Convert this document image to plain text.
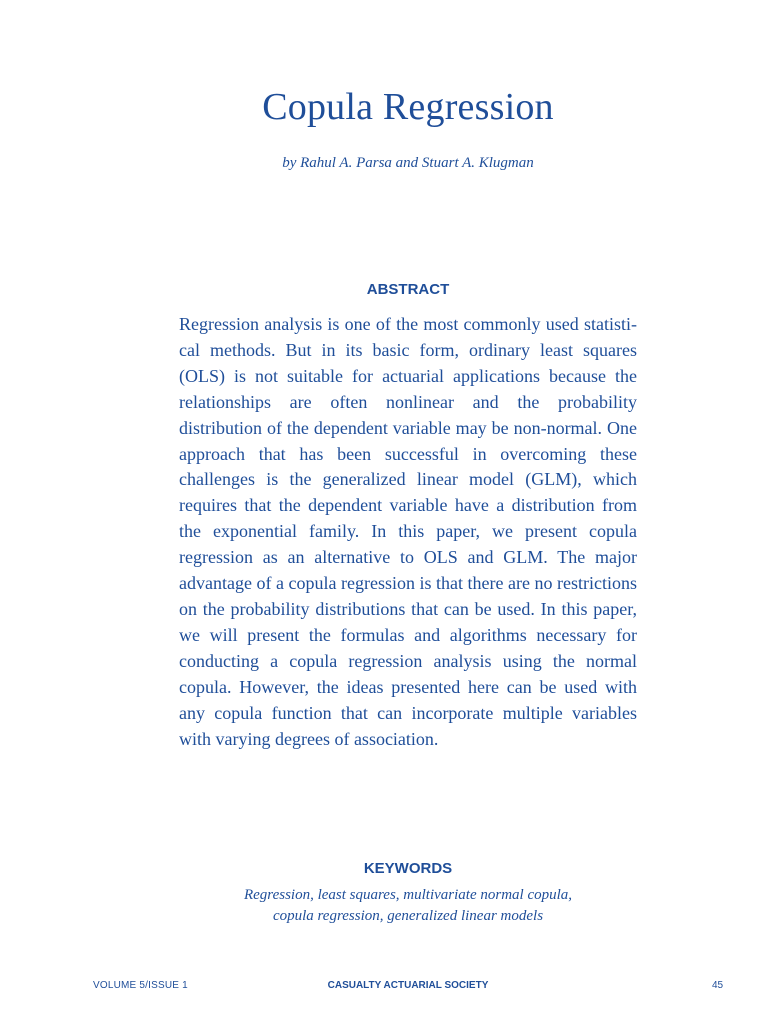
Copula Regression

by Rahul A. Parsa and Stuart A. Klugman

ABSTRACT

Regression analysis is one of the most commonly used statistical methods. But in its basic form, ordinary least squares (OLS) is not suitable for actuarial applications because the relationships are often nonlinear and the probability distribution of the dependent variable may be non-normal. One approach that has been successful in overcoming these challenges is the generalized linear model (GLM), which requires that the dependent variable have a distribution from the exponential family. In this paper, we present copula regression as an alternative to OLS and GLM. The major advantage of a copula regression is that there are no restrictions on the probability distributions that can be used. In this paper, we will present the formulas and algorithms necessary for conducting a copula regression analysis using the normal copula. However, the ideas presented here can be used with any copula function that can incorporate multiple variables with varying degrees of association.

KEYWORDS

Regression, least squares, multivariate normal copula,
copula regression, generalized linear models

VOLUME 5/ISSUE 1	CASUALTY ACTUARIAL SOCIETY	45
